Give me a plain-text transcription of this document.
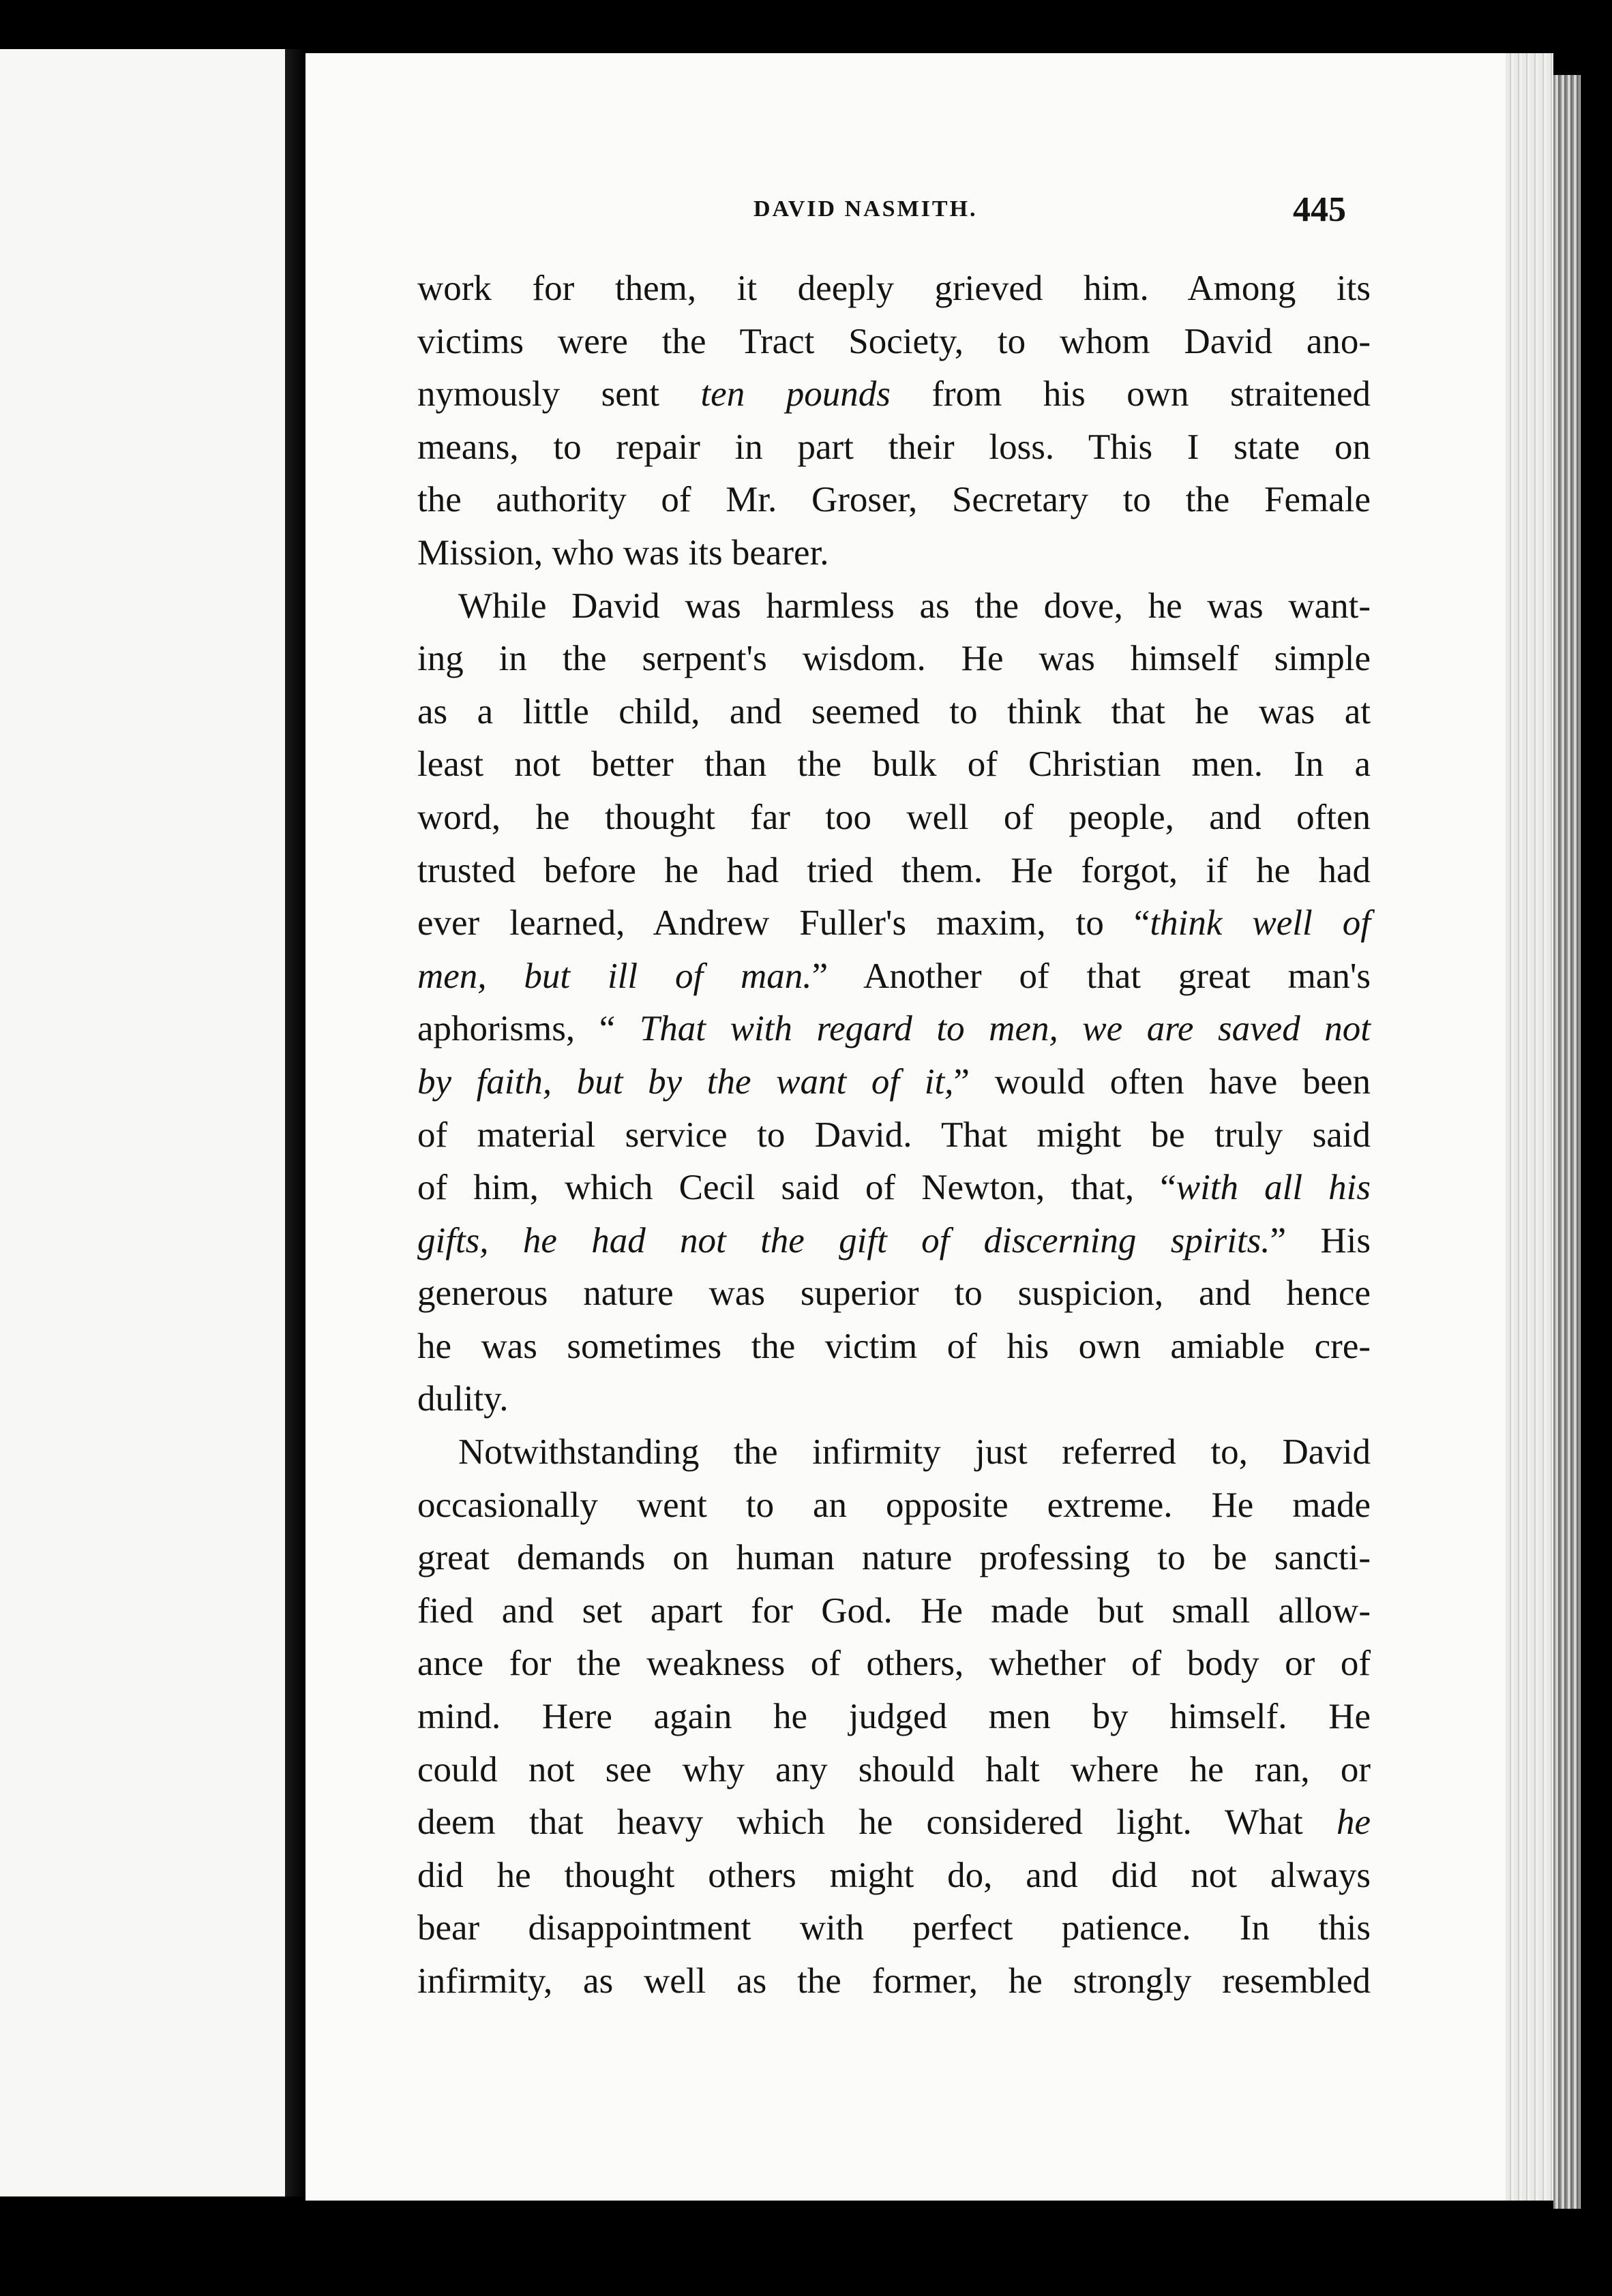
DAVID NASMITH.	445
work for them, it deeply grieved him. Among its
victims were the Tract Society, to whom David ano-
nymously sent ten pounds from his own straitened
means, to repair in part their loss. This I state on
the authority of Mr. Groser, Secretary to the Female
Mission, who was its bearer.
While David was harmless as the dove, he was want-
ing in the serpent's wisdom. He was himself simple
as a little child, and seemed to think that he was at
least not better than the bulk of Christian men. In a
word, he thought far too well of people, and often
trusted before he had tried them. He forgot, if he had
ever learned, Andrew Fuller's maxim, to “think well of
men, but ill of man.” Another of that great man's
aphorisms, “ That with regard to men, we are saved not
by faith, but by the want of it,” would often have been
of material service to David. That might be truly said
of him, which Cecil said of Newton, that, “with all his
gifts, he had not the gift of discerning spirits.” His
generous nature was superior to suspicion, and hence
he was sometimes the victim of his own amiable cre-
dulity.
Notwithstanding the infirmity just referred to, David
occasionally went to an opposite extreme. He made
great demands on human nature professing to be sancti-
fied and set apart for God. He made but small allow-
ance for the weakness of others, whether of body or of
mind. Here again he judged men by himself. He
could not see why any should halt where he ran, or
deem that heavy which he considered light. What he
did he thought others might do, and did not always
bear disappointment with perfect patience. In this
infirmity, as well as the former, he strongly resembled
